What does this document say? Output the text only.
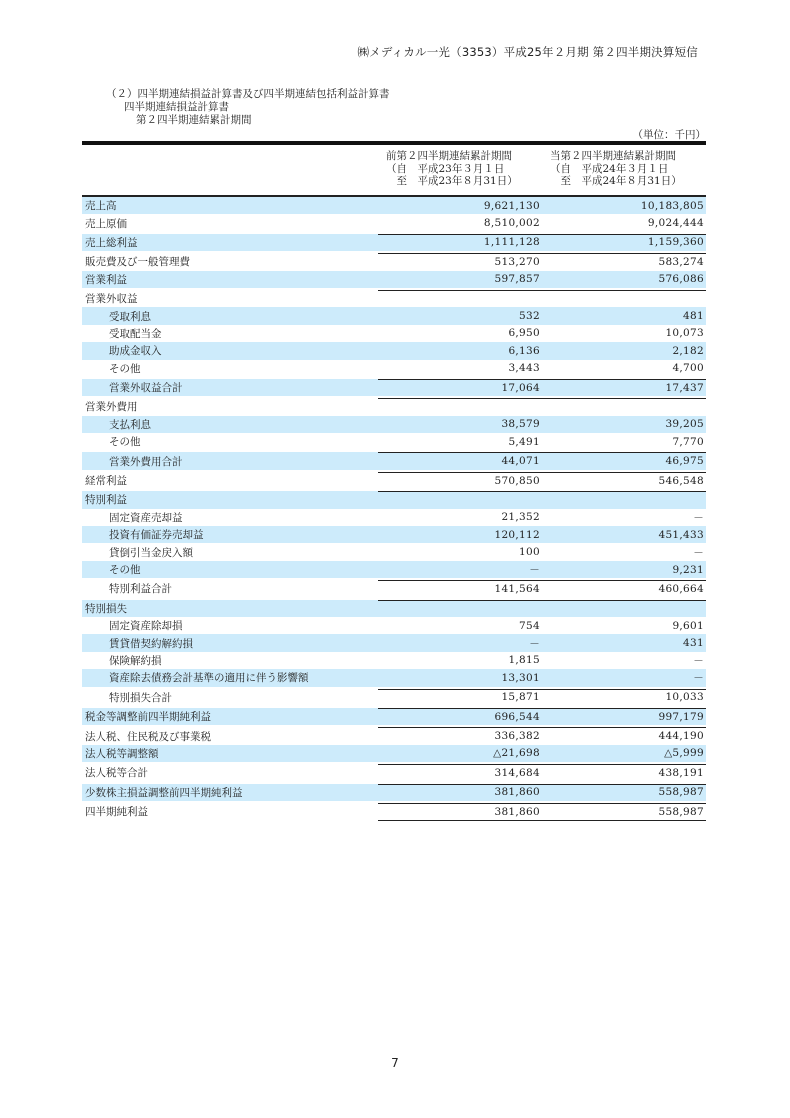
㈱メディカル一光（3353）平成25年２月期 第２四半期決算短信
（２）四半期連結損益計算書及び四半期連結包括利益計算書
四半期連結損益計算書
第２四半期連結累計期間
（単位：千円）
前第２四半期連結累計期間
（自　平成23年３月１日
　至　平成23年８月31日）
当第２四半期連結累計期間
（自　平成24年３月１日
　至　平成24年８月31日）
売上高	9,621,130	10,183,805
売上原価	8,510,002	9,024,444
売上総利益	1,111,128	1,159,360
販売費及び一般管理費	513,270	583,274
営業利益	597,857	576,086
営業外収益
受取利息	532	481
受取配当金	6,950	10,073
助成金収入	6,136	2,182
その他	3,443	4,700
営業外収益合計	17,064	17,437
営業外費用
支払利息	38,579	39,205
その他	5,491	7,770
営業外費用合計	44,071	46,975
経常利益	570,850	546,548
特別利益
固定資産売却益	21,352	－
投資有価証券売却益	120,112	451,433
貸倒引当金戻入額	100	－
その他	－	9,231
特別利益合計	141,564	460,664
特別損失
固定資産除却損	754	9,601
賃貸借契約解約損	－	431
保険解約損	1,815	－
資産除去債務会計基準の適用に伴う影響額	13,301	－
特別損失合計	15,871	10,033
税金等調整前四半期純利益	696,544	997,179
法人税、住民税及び事業税	336,382	444,190
法人税等調整額	△21,698	△5,999
法人税等合計	314,684	438,191
少数株主損益調整前四半期純利益	381,860	558,987
四半期純利益	381,860	558,987
7
